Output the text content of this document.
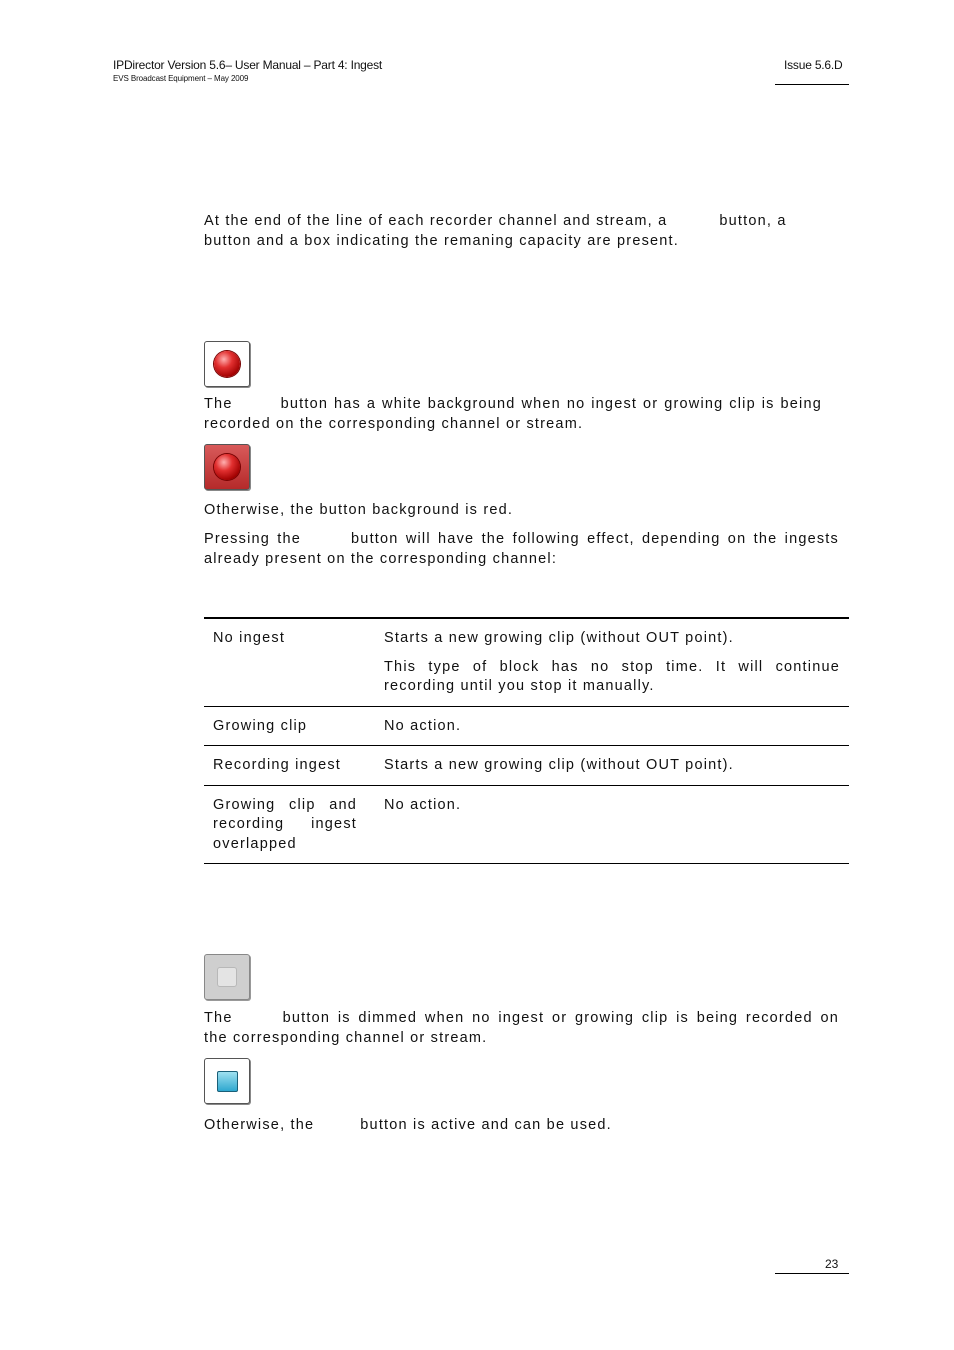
IPDirector Version 5.6– User Manual – Part 4: Ingest
EVS Broadcast Equipment – May 2009
Issue 5.6.D

At the end of the line of each recorder channel and stream, a	button, a

button and a box indicating the remaning capacity are present.

The	button has a white background when no ingest or growing clip is being

recorded on the corresponding channel or stream.

Otherwise, the button background is red.

Pressing the	button will have the following effect, depending on the ingests

already present on the corresponding channel:

No ingest	Starts a new growing clip (without OUT point).
This type of block has no stop time. It will continue recording until you stop it manually.

Growing clip	No action.

Recording ingest	Starts a new growing clip (without OUT point).

Growing clip and recording ingest overlapped	No action.

The	button is dimmed when no ingest or growing clip is being recorded on

the corresponding channel or stream.

Otherwise, the	button is active and can be used.

23
